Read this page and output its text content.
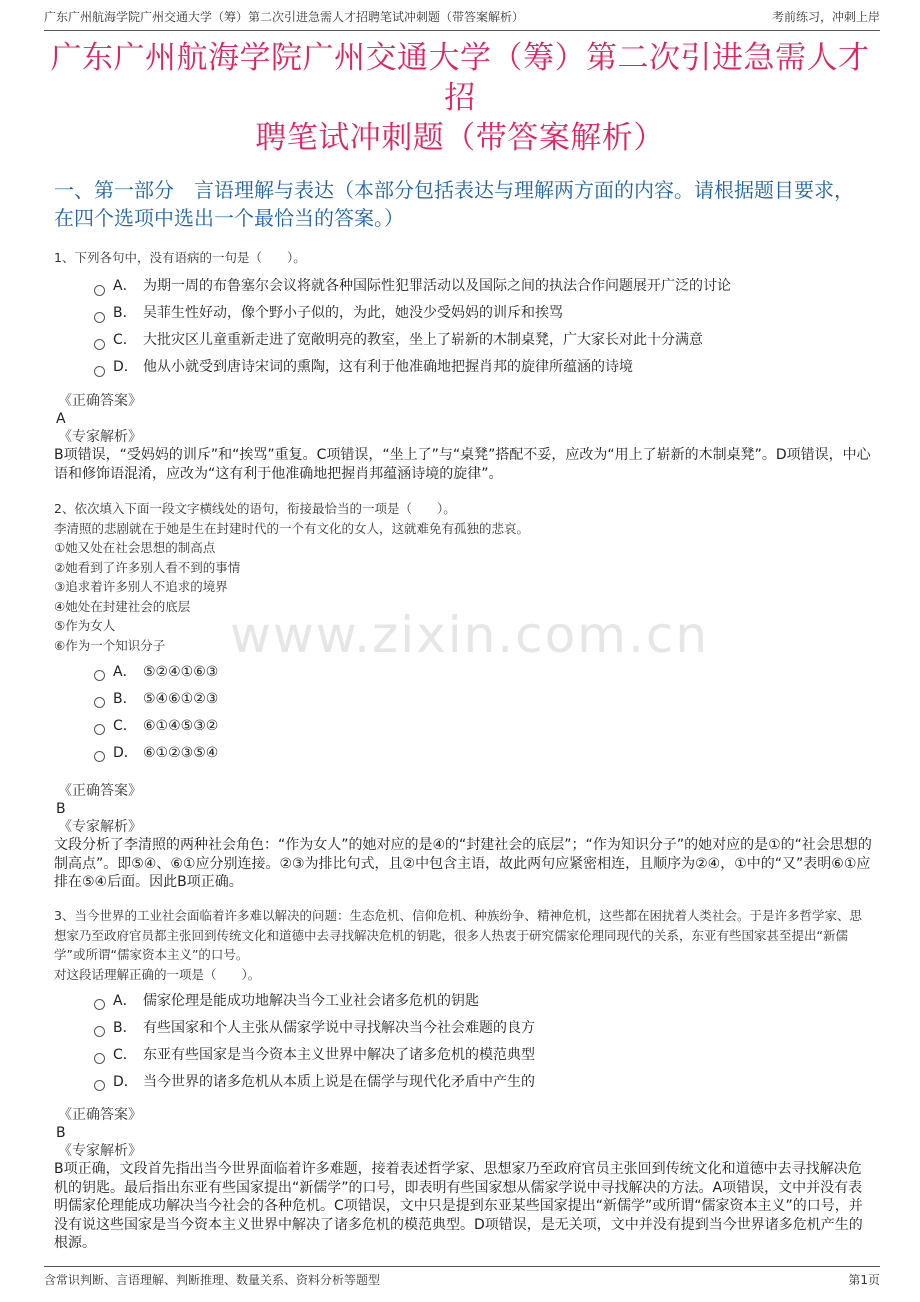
广东广州航海学院广州交通大学（筹）第二次引进急需人才招聘笔试冲刺题（带答案解析）	考前练习，冲刺上岸
广东广州航海学院广州交通大学（筹）第二次引进急需人才招
聘笔试冲刺题（带答案解析）
一、第一部分　言语理解与表达（本部分包括表达与理解两方面的内容。请根据题目要求，在四个选项中选出一个最恰当的答案。）
www.zixin.com.cn

1、下列各句中，没有语病的一句是（　　）。

A． 为期一周的布鲁塞尔会议将就各种国际性犯罪活动以及国际之间的执法合作问题展开广泛的讨论
B． 吴菲生性好动，像个野小子似的，为此，她没少受妈妈的训斥和挨骂
C． 大批灾区儿童重新走进了宽敞明亮的教室，坐上了崭新的木制桌凳，广大家长对此十分满意
D． 他从小就受到唐诗宋词的熏陶，这有利于他准确地把握肖邦的旋律所蕴涵的诗境
《正确答案》
A
《专家解析》

B项错误，“受妈妈的训斥”和“挨骂”重复。C项错误，“坐上了”与“桌凳”搭配不妥，应改为“用上了崭新的木制桌凳”。D项错误，中心语和修饰语混淆，应改为“这有利于他准确地把握肖邦蕴涵诗境的旋律”。

2、依次填入下面一段文字横线处的语句，衔接最恰当的一项是（　　）。

李清照的悲剧就在于她是生在封建时代的一个有文化的女人，这就难免有孤独的悲哀。

①她又处在社会思想的制高点

②她看到了许多别人看不到的事情

③追求着许多别人不追求的境界

④她处在封建社会的底层

⑤作为女人

⑥作为一个知识分子

A． ⑤②④①⑥③
B． ⑤④⑥①②③
C． ⑥①④⑤③②
D． ⑥①②③⑤④
《正确答案》
B
《专家解析》

文段分析了李清照的两种社会角色：“作为女人”的她对应的是④的“封建社会的底层”；“作为知识分子”的她对应的是①的“社会思想的制高点”。即⑤④、⑥①应分别连接。②③为排比句式，且②中包含主语，故此两句应紧密相连，且顺序为②④，①中的“又”表明⑥①应排在⑤④后面。因此B项正确。

3、当今世界的工业社会面临着许多难以解决的问题：生态危机、信仰危机、种族纷争、精神危机，这些都在困扰着人类社会。于是许多哲学家、思想家乃至政府官员都主张回到传统文化和道德中去寻找解决危机的钥匙，很多人热衷于研究儒家伦理同现代的关系，东亚有些国家甚至提出“新儒学”或所谓“儒家资本主义”的口号。

对这段话理解正确的一项是（　　）。

A． 儒家伦理是能成功地解决当今工业社会诸多危机的钥匙
B． 有些国家和个人主张从儒家学说中寻找解决当今社会难题的良方
C． 东亚有些国家是当今资本主义世界中解决了诸多危机的模范典型
D． 当今世界的诸多危机从本质上说是在儒学与现代化矛盾中产生的
《正确答案》
B
《专家解析》

B项正确，文段首先指出当今世界面临着许多难题，接着表述哲学家、思想家乃至政府官员主张回到传统文化和道德中去寻找解决危机的钥匙。最后指出东亚有些国家提出“新儒学”的口号，即表明有些国家想从儒家学说中寻找解决的方法。A项错误，文中并没有表明儒家伦理能成功解决当今社会的各种危机。C项错误，文中只是提到东亚某些国家提出“新儒学”或所谓“儒家资本主义”的口号，并没有说这些国家是当今资本主义世界中解决了诸多危机的模范典型。D项错误，是无关项，文中并没有提到当今世界诸多危机产生的根源。

含常识判断、言语理解、判断推理、数量关系、资料分析等题型	第1页
